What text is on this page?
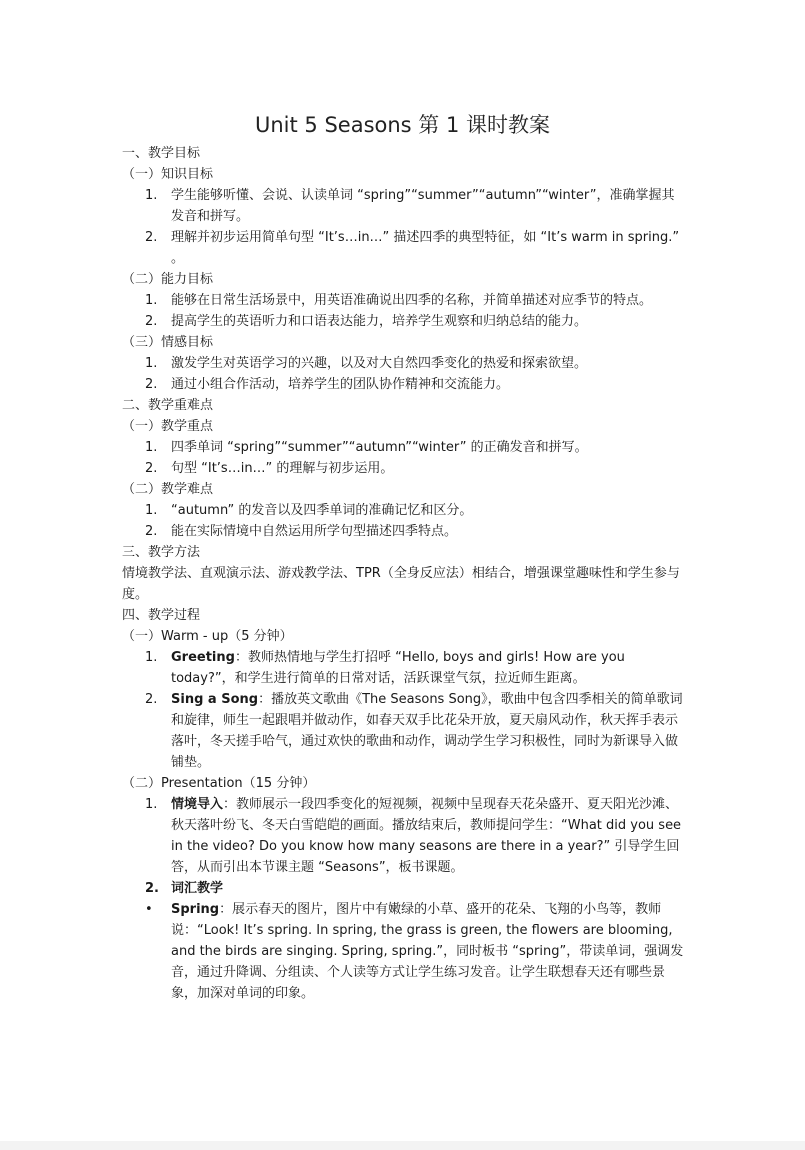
Unit 5 Seasons 第 1 课时教案
一、教学目标
（一）知识目标
1.	学生能够听懂、会说、认读单词 “spring”“summer”“autumn”“winter”，准确掌握其发音和拼写。
2.	理解并初步运用简单句型 “It’s…in…” 描述四季的典型特征，如 “It’s warm in spring.” 。
（二）能力目标
1.	能够在日常生活场景中，用英语准确说出四季的名称，并简单描述对应季节的特点。
2.	提高学生的英语听力和口语表达能力，培养学生观察和归纳总结的能力。
（三）情感目标
1.	激发学生对英语学习的兴趣，以及对大自然四季变化的热爱和探索欲望。
2.	通过小组合作活动，培养学生的团队协作精神和交流能力。
二、教学重难点
（一）教学重点
1.	四季单词 “spring”“summer”“autumn”“winter” 的正确发音和拼写。
2.	句型 “It’s…in…” 的理解与初步运用。
（二）教学难点
1.	“autumn” 的发音以及四季单词的准确记忆和区分。
2.	能在实际情境中自然运用所学句型描述四季特点。
三、教学方法
情境教学法、直观演示法、游戏教学法、TPR（全身反应法）相结合，增强课堂趣味性和学生参与度。
四、教学过程
（一）Warm - up（5 分钟）
1.	Greeting：教师热情地与学生打招呼 “Hello, boys and girls! How are you today?”，和学生进行简单的日常对话，活跃课堂气氛，拉近师生距离。
2.	Sing a Song：播放英文歌曲《The Seasons Song》，歌曲中包含四季相关的简单歌词和旋律，师生一起跟唱并做动作，如春天双手比花朵开放，夏天扇风动作，秋天挥手表示落叶，冬天搓手哈气，通过欢快的歌曲和动作，调动学生学习积极性，同时为新课导入做铺垫。
（二）Presentation（15 分钟）
1.	情境导入：教师展示一段四季变化的短视频，视频中呈现春天花朵盛开、夏天阳光沙滩、秋天落叶纷飞、冬天白雪皑皑的画面。播放结束后，教师提问学生：“What did you see in the video? Do you know how many seasons are there in a year?” 引导学生回答，从而引出本节课主题 “Seasons”，板书课题。
2. 词汇教学
•	Spring：展示春天的图片，图片中有嫩绿的小草、盛开的花朵、飞翔的小鸟等，教师说：“Look! It’s spring. In spring, the grass is green, the flowers are blooming, and the birds are singing. Spring, spring.”，同时板书 “spring”，带读单词，强调发音，通过升降调、分组读、个人读等方式让学生练习发音。让学生联想春天还有哪些景象，加深对单词的印象。
